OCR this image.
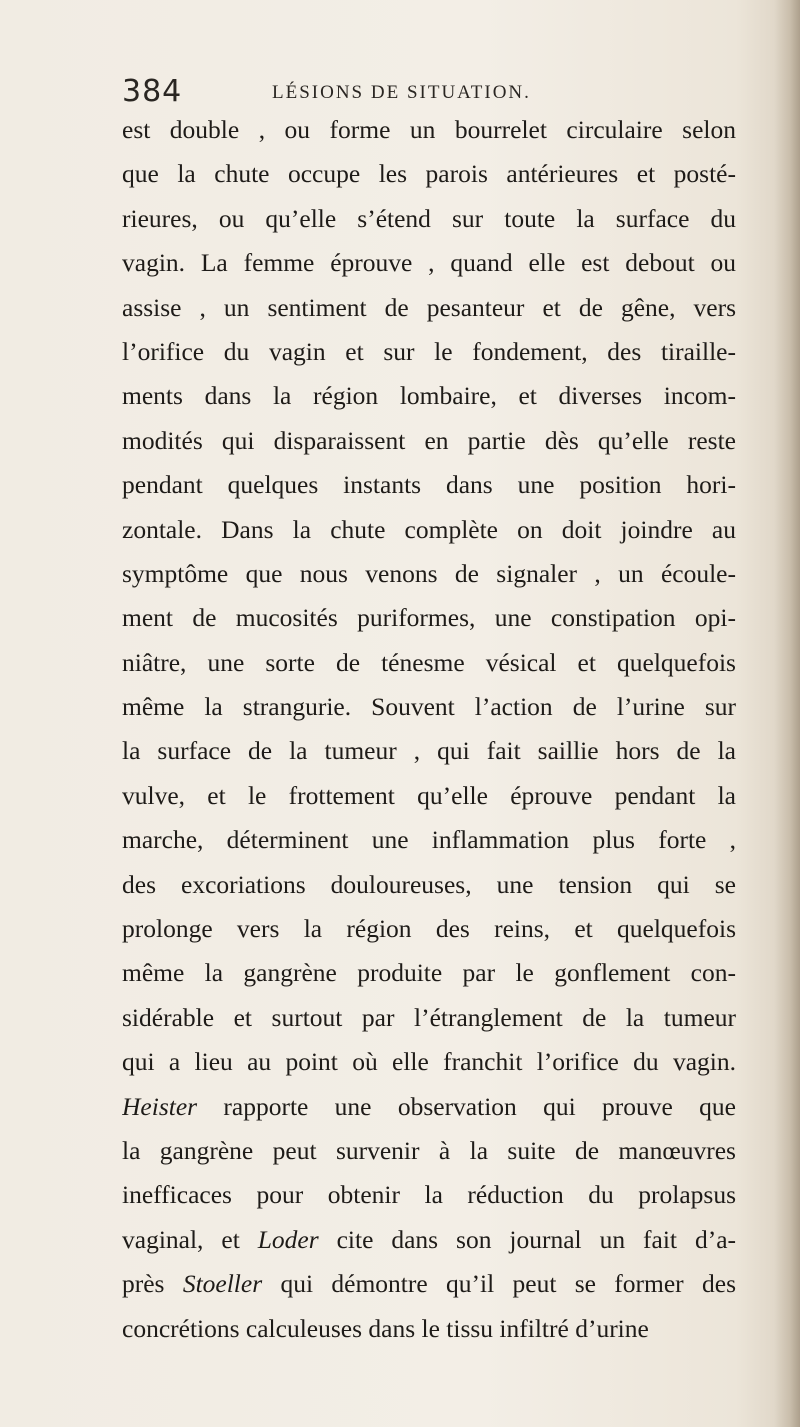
384	LÉSIONS DE SITUATION.
est double , ou forme un bourrelet circulaire selon
que la chute occupe les parois antérieures et posté-
rieures, ou qu’elle s’étend sur toute la surface du
vagin. La femme éprouve , quand elle est debout ou
assise , un sentiment de pesanteur et de gêne, vers
l’orifice du vagin et sur le fondement, des tiraille-
ments dans la région lombaire, et diverses incom-
modités qui disparaissent en partie dès qu’elle reste
pendant quelques instants dans une position hori-
zontale. Dans la chute complète on doit joindre au
symptôme que nous venons de signaler , un écoule-
ment de mucosités puriformes, une constipation opi-
niâtre, une sorte de ténesme vésical et quelquefois
même la strangurie. Souvent l’action de l’urine sur
la surface de la tumeur , qui fait saillie hors de la
vulve, et le frottement qu’elle éprouve pendant la
marche, déterminent une inflammation plus forte ,
des excoriations douloureuses, une tension qui se
prolonge vers la région des reins, et quelquefois
même la gangrène produite par le gonflement con-
sidérable et surtout par l’étranglement de la tumeur
qui a lieu au point où elle franchit l’orifice du vagin.
Heister rapporte une observation qui prouve que
la gangrène peut survenir à la suite de manœuvres
inefficaces pour obtenir la réduction du prolapsus
vaginal, et Loder cite dans son journal un fait d’a-
près Stoeller qui démontre qu’il peut se former des
concrétions calculeuses dans le tissu infiltré d’urine
